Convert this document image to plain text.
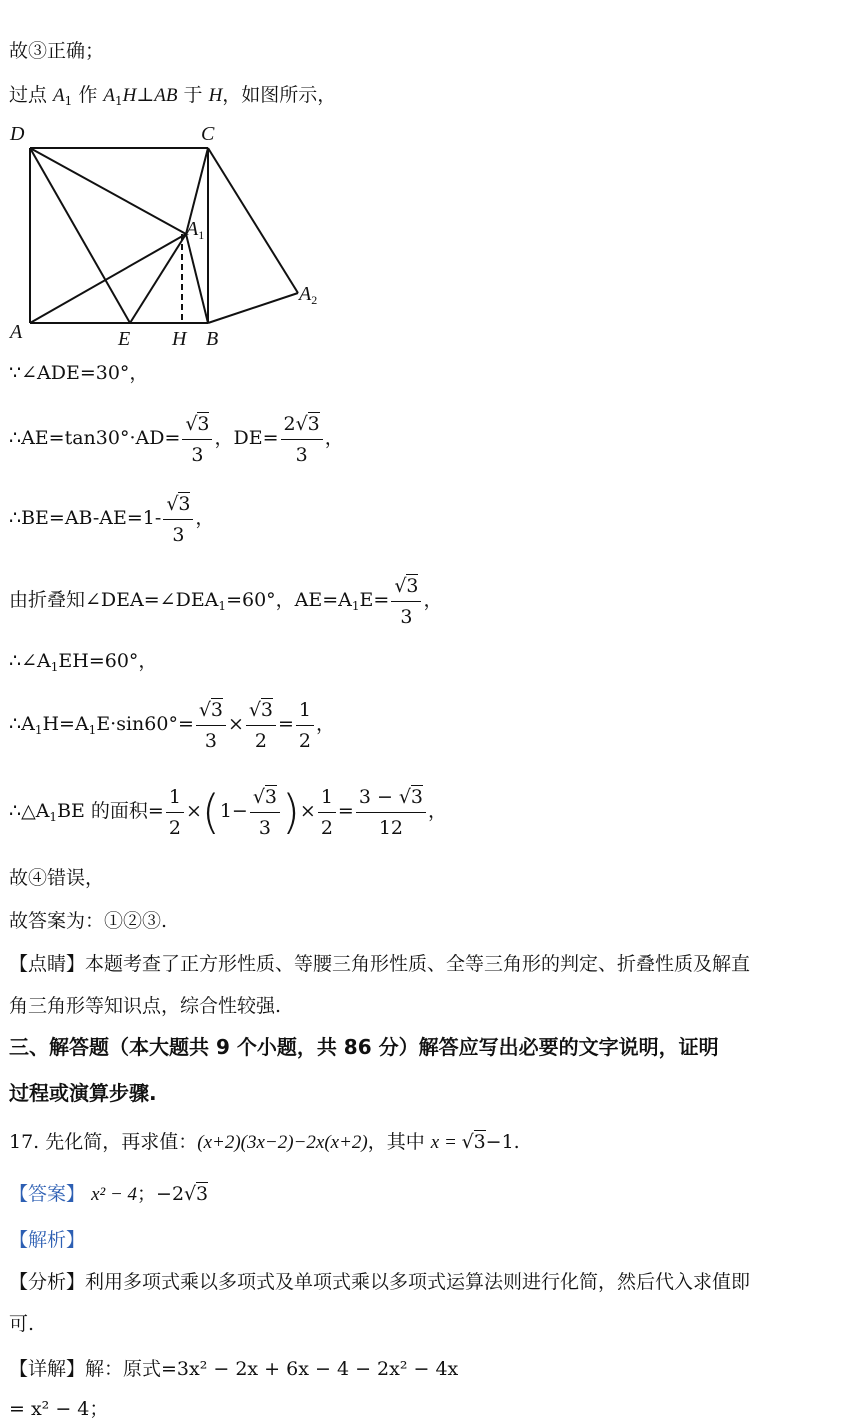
故③正确；
过点 $A_1$ 作 $A_1H\perp AB$ 于 H，如图所示，
D	C
$A_1$
$A_2$
A	E H B
∵∠ADE=30°，
∴AE=tan30°·AD= √ $\frac{3}{3}$ ，$DE= \frac{2 √ 3}{3}$ ，
∴BE=AB-AE=1- √ $\frac{3}{3}$ ，
由折叠知$\angle DEA=\angle DEA_1=60^\circ$，$AE=A_1E=$ √ $\frac{3}{3}$ ，
$\therefore\angle A_1EH=60^\circ$，
$\therefore A_1H=A_1E\cdot\sin 60^\circ=$ √ $\frac{3}{3}$ × √ $\frac{3}{2} = \frac{1}{2}$ ，
$\therefore\triangle A_1BE$ 的面积= $\frac{1}{2} \times(1-$ √ $\frac{3}{3}$ )× $\frac{1}{2} = \frac{3 - √ 3}{12}$ ，
故④错误，
故答案为：①②③.
【点睛】本题考查了正方形性质、等腰三角形性质、全等三角形的判定、折叠性质及解直
角三角形等知识点，综合性较强.
三、解答题（本大题共 9 个小题，共 86 分）解答应写出必要的文字说明，证明
过程或演算步骤.
17. 先化简，再求值：(x+2)(3x−2)−2x(x+2)，其中 x = √ 3−1.
【答案】 x² − 4；−2 √ 3
【解析】
【分析】利用多项式乘以多项式及单项式乘以多项式运算法则进行化简，然后代入求值即
可.
【详解】解：原式=3x² − 2x + 6x − 4 − 2x² − 4x
= x² − 4；
